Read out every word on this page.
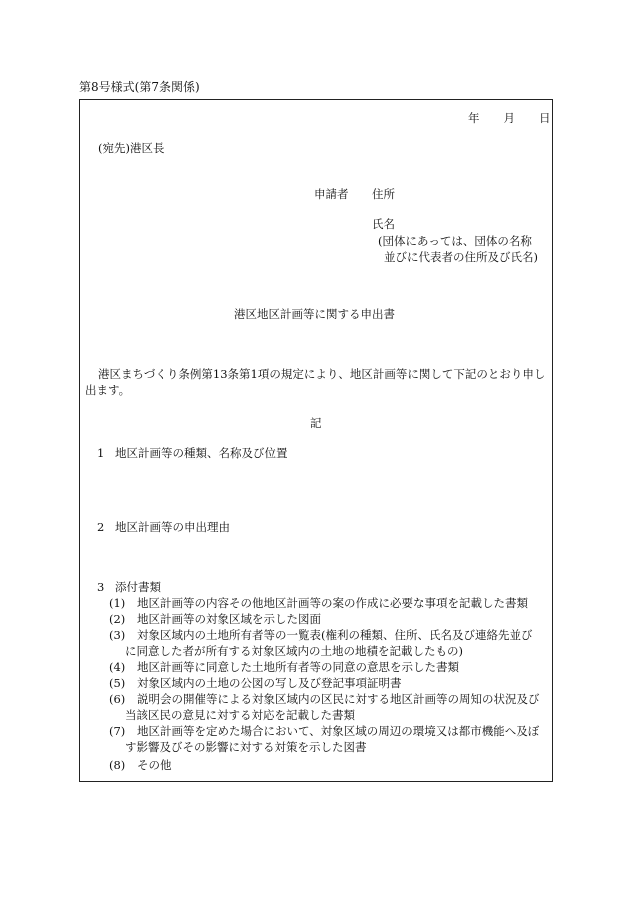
第8号様式(第7条関係)
年 月 日
(宛先)港区長
申請者 住所
氏名
(団体にあっては、団体の名称
並びに代表者の住所及び氏名)
港区地区計画等に関する申出書
港区まちづくり条例第13条第1項の規定により、地区計画等に関して下記のとおり申し
出ます。
記
1 地区計画等の種類、名称及び位置
2 地区計画等の申出理由
3 添付書類
(1) 地区計画等の内容その他地区計画等の案の作成に必要な事項を記載した書類
(2) 地区計画等の対象区域を示した図面
(3) 対象区域内の土地所有者等の一覧表(権利の種類、住所、氏名及び連絡先並び
に同意した者が所有する対象区域内の土地の地積を記載したもの)
(4) 地区計画等に同意した土地所有者等の同意の意思を示した書類
(5) 対象区域内の土地の公図の写し及び登記事項証明書
(6) 説明会の開催等による対象区域内の区民に対する地区計画等の周知の状況及び
当該区民の意見に対する対応を記載した書類
(7) 地区計画等を定めた場合において、対象区域の周辺の環境又は都市機能へ及ぼ
す影響及びその影響に対する対策を示した図書
(8) その他
